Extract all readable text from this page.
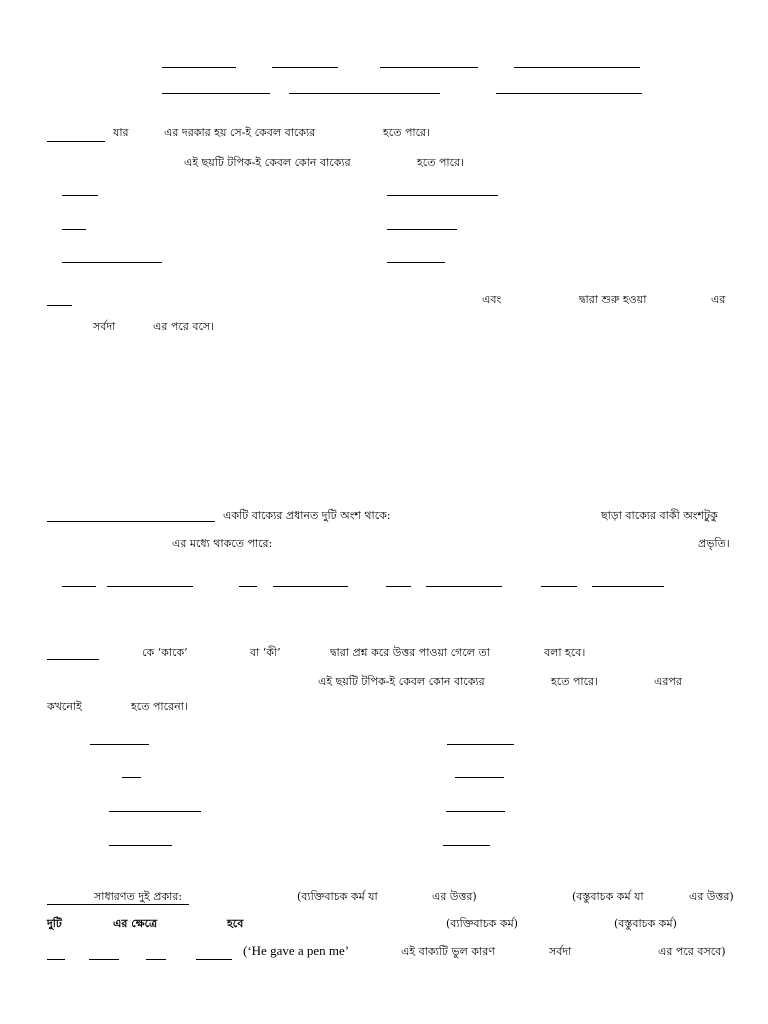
যার	এর দরকার হয় সে-ই কেবল বাক্যের	হতে পারে।
এই ছয়টি টপিক-ই কেবল কোন বাক্যের	হতে পারে।
এবং	দ্বারা শুরু হওয়া	এর
সর্বদা	এর পরে বসে।
একটি বাক্যের প্রধানত দুটি অংশ থাকে:	ছাড়া বাক্যের বাকী অংশটুকু
এর মধ্যে থাকতে পারে:	প্রভৃতি।
কে ‘কাকে’	বা ‘কী’	দ্বারা প্রশ্ন করে উত্তর পাওয়া গেলে তা	বলা হবে।
এই ছয়টি টপিক-ই কেবল কোন বাক্যের	হতে পারে।	এরপর
কখনোই	হতে পারেনা।
সাধারণত দুই প্রকার:	(ব্যক্তিবাচক কর্ম যা	এর উত্তর)	(বস্তুবাচক কর্ম যা	এর উত্তর)
দুটি	এর ক্ষেত্রে	হবে	(ব্যক্তিবাচক কর্ম)	(বস্তুবাচক কর্ম)
(‘He gave a pen me’	এই বাক্যটি ভুল কারণ	সর্বদা	এর পরে বসবে)
